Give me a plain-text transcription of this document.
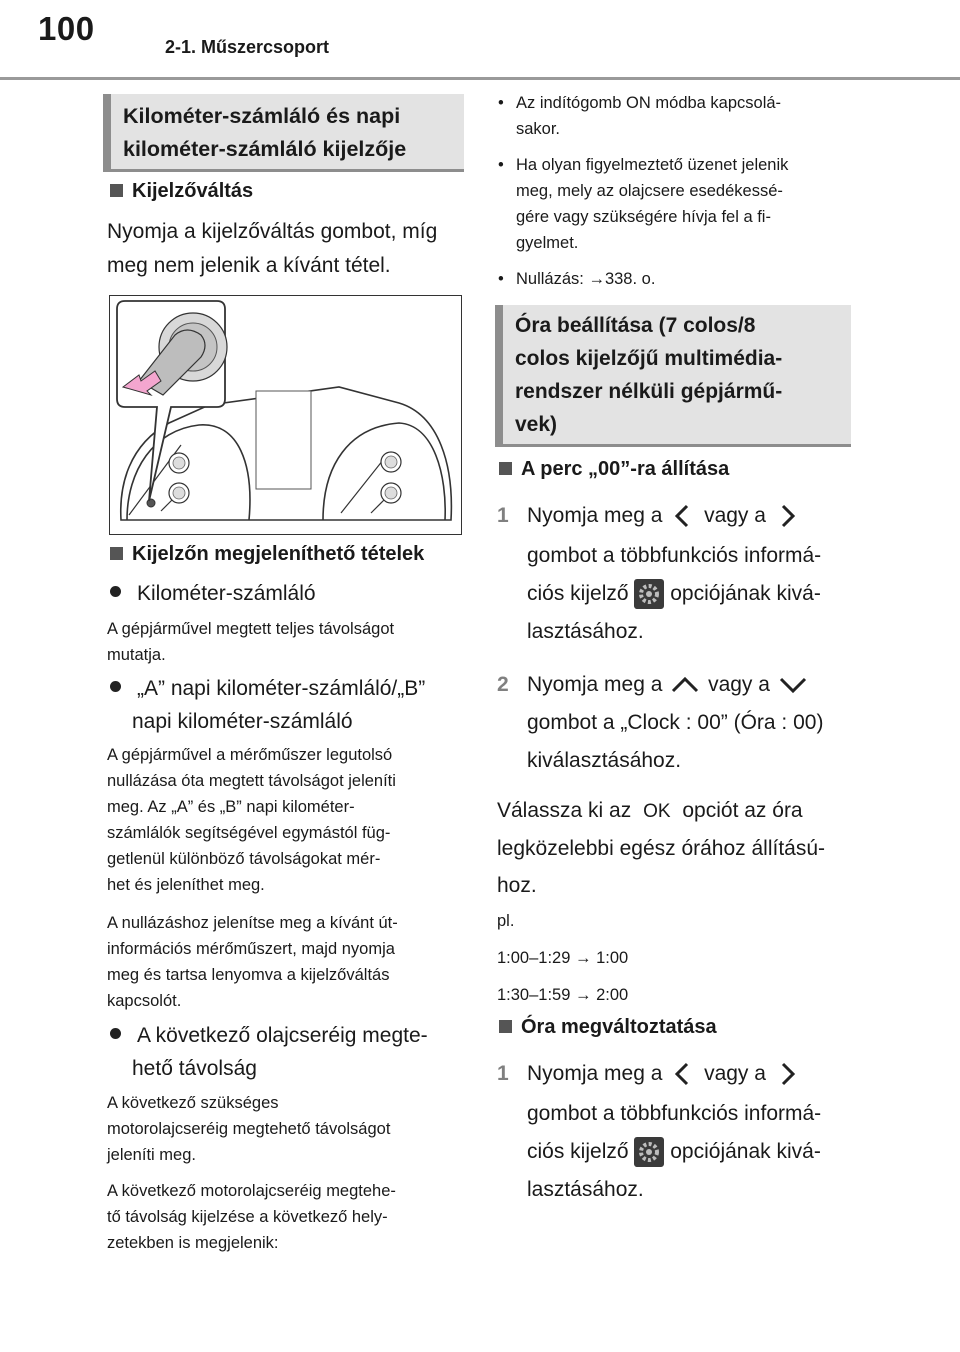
100	2-1. Műszercsoport
Kilométer-számláló és napi
kilométer-számláló kijelzője
Kijelzőváltás
Nyomja a kijelzőváltás gombot, míg
meg nem jelenik a kívánt tétel.
Kijelzőn megjeleníthető tételek
Kilométer-számláló
A gépjárművel megtett teljes távolságot
mutatja.
„A” napi kilométer-számláló/„B”
napi kilométer-számláló
A gépjárművel a mérőműszer legutolsó
nullázása óta megtett távolságot jeleníti
meg. Az „A” és „B” napi kilométer-
számlálók segítségével egymástól füg-
getlenül különböző távolságokat mér-
het és jeleníthet meg.
A nullázáshoz jelenítse meg a kívánt út-
információs mérőműszert, majd nyomja
meg és tartsa lenyomva a kijelzőváltás
kapcsolót.
A következő olajcseréig megte-
hető távolság
A következő szükséges
motorolajcseréig megtehető távolságot
jeleníti meg.
A következő motorolajcseréig megtehe-
tő távolság kijelzése a következő hely-
zetekben is megjelenik:
• Az indítógomb ON módba kapcsolá-
sakor.
• Ha olyan figyelmeztető üzenet jelenik
meg, mely az olajcsere esedékessé-
gére vagy szükségére hívja fel a fi-
gyelmet.
• Nullázás: →338. o.
Óra beállítása (7 colos/8
colos kijelzőjű multimédia-
rendszer nélküli gépjármű-
vek)
A perc „00”-ra állítása
1 Nyomja meg a vagy a
gombot a többfunkciós informá-
ciós kijelző opciójának kivá-
lasztásához.
2 Nyomja meg a vagy a
gombot a „Clock : 00” (Óra : 00)
kiválasztásához.
Válassza ki az OK opciót az óra
legközelebbi egész órához állítású-
hoz.
pl.
1:00–1:29 → 1:00
1:30–1:59 → 2:00
Óra megváltoztatása
1 Nyomja meg a vagy a
gombot a többfunkciós informá-
ciós kijelző opciójának kivá-
lasztásához.
